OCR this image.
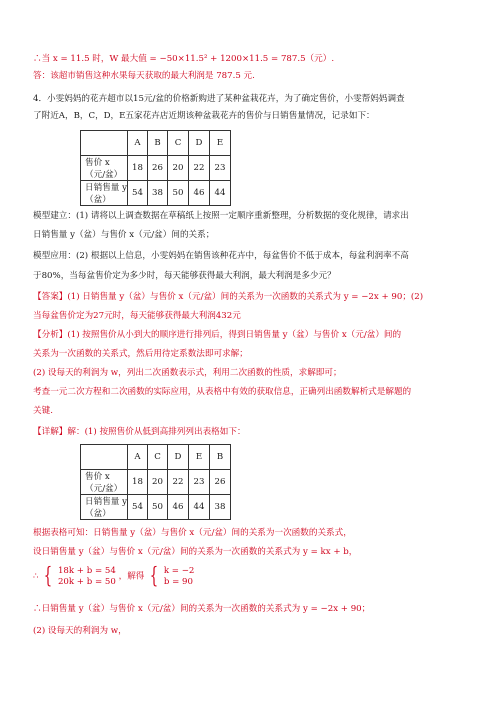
∴当 x = 11.5 时，W 最大值 = −50×11.5² + 1200×11.5 = 787.5（元）.
答：该超市销售这种水果每天获取的最大利润是 787.5 元.
4．小雯妈妈的花卉超市以15元/盆的价格新购进了某种盆栽花卉，为了确定售价，小雯帮妈妈调查
了附近A，B，C，D，E五家花卉店近期该种盆栽花卉的售价与日销售量情况，记录如下：
	A	B	C	D	E
售价 x（元/盆）	18	26	20	22	23
日销售量 y（盆）	54	38	50	46	44
模型建立：(1) 请将以上调查数据在草稿纸上按照一定顺序重新整理，分析数据的变化规律，请求出
日销售量 y（盆）与售价 x（元/盆）间的关系；
模型应用：(2) 根据以上信息，小雯妈妈在销售该种花卉中，每盆售价不低于成本，每盆利润率不高
于80%，当每盆售价定为多少时，每天能够获得最大利润，最大利润是多少元？
【答案】(1) 日销售量 y（盆）与售价 x（元/盆）间的关系为一次函数的关系式为 y = −2x + 90；(2)
当每盆售价定为27元时，每天能够获得最大利润432元
【分析】(1) 按照售价从小到大的顺序进行排列后，得到日销售量 y（盆）与售价 x（元/盆）间的
关系为一次函数的关系式，然后用待定系数法即可求解；
(2) 设每天的利润为 w，列出二次函数表示式，利用二次函数的性质，求解即可；
考查一元二次方程和二次函数的实际应用，从表格中有效的获取信息，正确列出函数解析式是解题的
关键.
【详解】解：(1) 按照售价从低到高排列列出表格如下：
	A	C	D	E	B
售价 x（元/盆）	18	20	22	23	26
日销售量 y（盆）	54	50	46	44	38
根据表格可知：日销售量 y（盆）与售价 x（元/盆）间的关系为一次函数的关系式，
设日销售量 y（盆）与售价 x（元/盆）间的关系为一次函数的关系式为 y = kx + b，
∴ { 18k + b = 54
20k + b = 50
，解得 { k = −2
b = 90
∴日销售量 y（盆）与售价 x（元/盆）间的关系为一次函数的关系式为 y = −2x + 90；
(2) 设每天的利润为 w，
